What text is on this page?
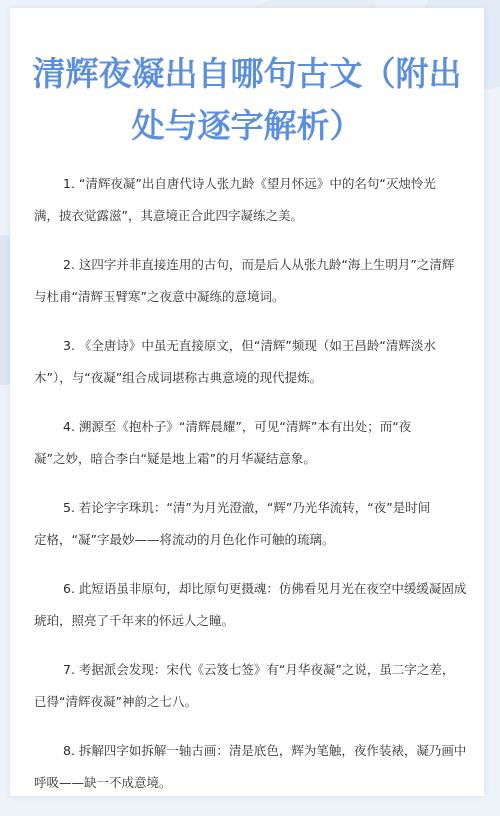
清辉夜凝出自哪句古文（附出
处与逐字解析）
1. “清辉夜凝”出自唐代诗人张九龄《望月怀远》中的名句“灭烛怜光
满，披衣觉露滋”，其意境正合此四字凝练之美。
2. 这四字并非直接连用的古句，而是后人从张九龄“海上生明月”之清辉
与杜甫“清辉玉臂寒”之夜意中凝练的意境词。
3. 《全唐诗》中虽无直接原文，但“清辉”频现（如王昌龄“清辉淡水
木”），与“夜凝”组合成词堪称古典意境的现代提炼。
4. 溯源至《抱朴子》“清辉晨耀”，可见“清辉”本有出处；而“夜
凝”之妙，暗合李白“疑是地上霜”的月华凝结意象。
5. 若论字字珠玑：“清”为月光澄澈，“辉”乃光华流转，“夜”是时间
定格，“凝”字最妙——将流动的月色化作可触的琉璃。
6. 此短语虽非原句，却比原句更摄魂：仿佛看见月光在夜空中缓缓凝固成
琥珀，照亮了千年来的怀远人之瞳。
7. 考据派会发现：宋代《云笈七签》有“月华夜凝”之说，虽二字之差，
已得“清辉夜凝”神韵之七八。
8. 拆解四字如拆解一轴古画：清是底色，辉为笔触，夜作装裱，凝乃画中
呼吸——缺一不成意境。
